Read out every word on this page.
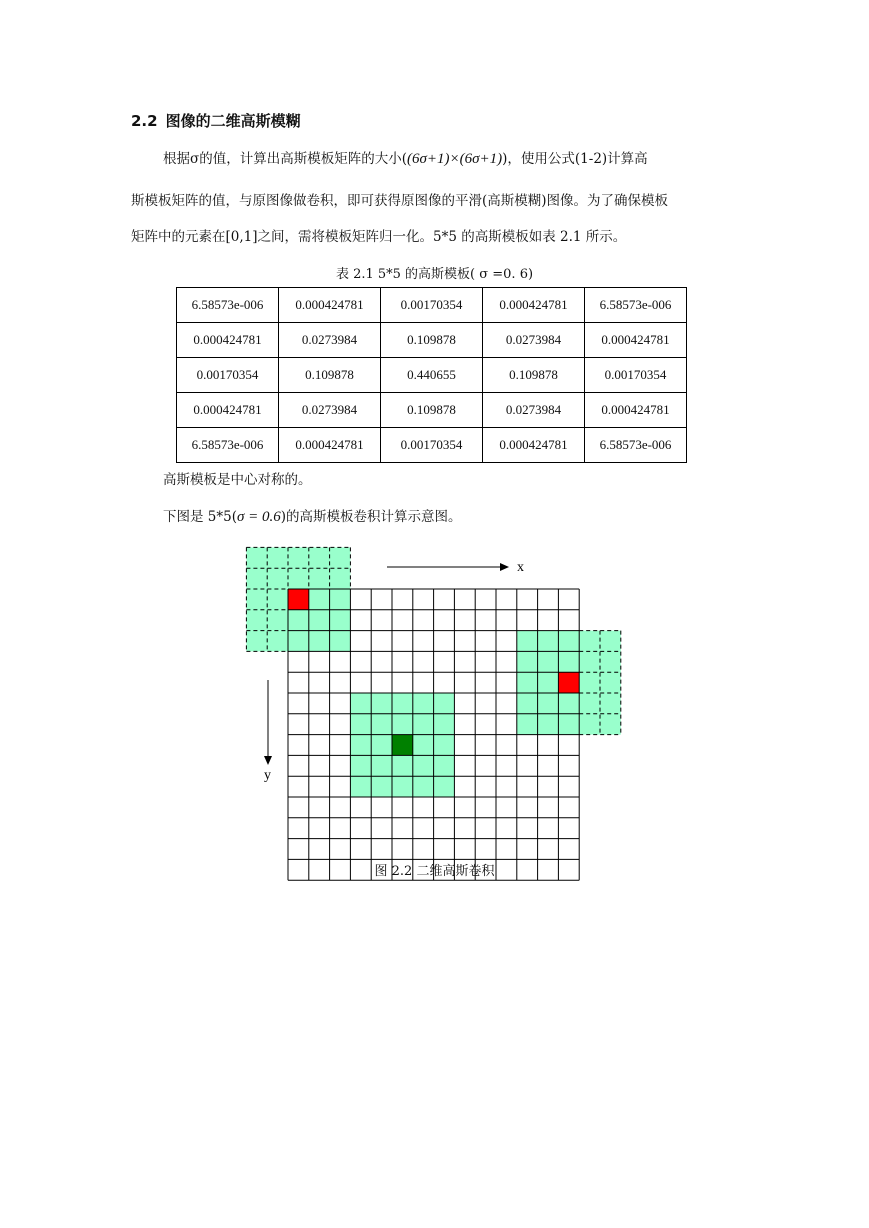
2.2 图像的二维高斯模糊
根据σ的值，计算出高斯模板矩阵的大小((6σ+1)×(6σ+1))，使用公式(1-2)计算高
斯模板矩阵的值，与原图像做卷积，即可获得原图像的平滑(高斯模糊)图像。为了确保模板
矩阵中的元素在[0,1]之间，需将模板矩阵归一化。5*5 的高斯模板如表 2.1 所示。
表 2.1 5*5 的高斯模板( σ =0. 6)
6.58573e-006	0.000424781	0.00170354	0.000424781	6.58573e-006
0.000424781	0.0273984	0.109878	0.0273984	0.000424781
0.00170354	0.109878	0.440655	0.109878	0.00170354
0.000424781	0.0273984	0.109878	0.0273984	0.000424781
6.58573e-006	0.000424781	0.00170354	0.000424781	6.58573e-006
高斯模板是中心对称的。
下图是 5*5(σ = 0.6)的高斯模板卷积计算示意图。
x
y
图 2.2 二维高斯卷积
